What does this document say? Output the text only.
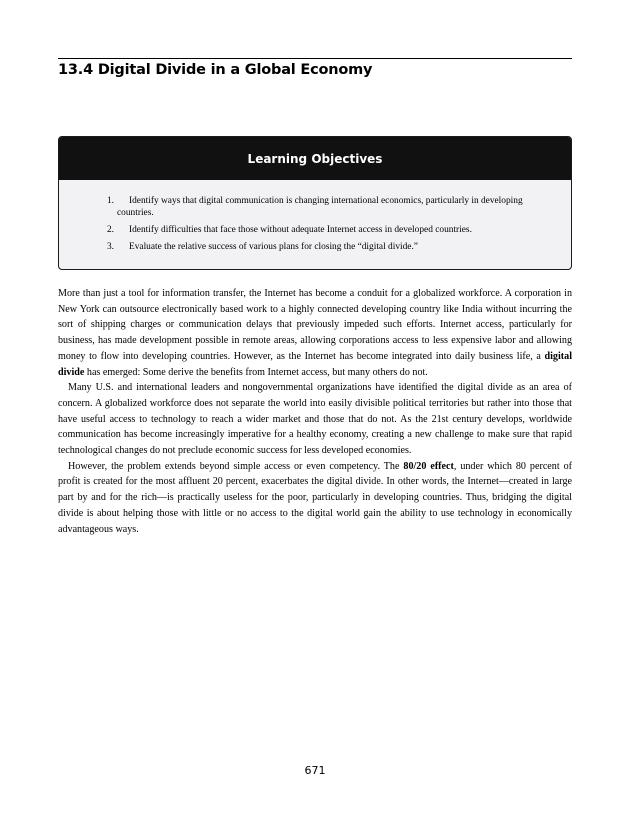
13.4 Digital Divide in a Global Economy
Learning Objectives
1.	Identify ways that digital communication is changing international economics, particularly in developing countries.
2.	Identify difficulties that face those without adequate Internet access in developed countries.
3.	Evaluate the relative success of various plans for closing the “digital divide.”

More than just a tool for information transfer, the Internet has become a conduit for a globalized workforce. A corporation in New York can outsource electronically based work to a highly connected developing country like India without incurring the sort of shipping charges or communication delays that previously impeded such efforts. Internet access, particularly for business, has made development possible in remote areas, allowing corporations access to less expensive labor and allowing money to flow into developing countries. However, as the Internet has become integrated into daily business life, a digital divide has emerged: Some derive the benefits from Internet access, but many others do not.

Many U.S. and international leaders and nongovernmental organizations have identified the digital divide as an area of concern. A globalized workforce does not separate the world into easily divisible political territories but rather into those that have useful access to technology to reach a wider market and those that do not. As the 21st century develops, worldwide communication has become increasingly imperative for a healthy economy, creating a new challenge to make sure that rapid technological changes do not preclude economic success for less developed economies.

However, the problem extends beyond simple access or even competency. The 80/20 effect, under which 80 percent of profit is created for the most affluent 20 percent, exacerbates the digital divide. In other words, the Internet—created in large part by and for the rich—is practically useless for the poor, particularly in developing countries. Thus, bridging the digital divide is about helping those with little or no access to the digital world gain the ability to use technology in economically advantageous ways.

671
